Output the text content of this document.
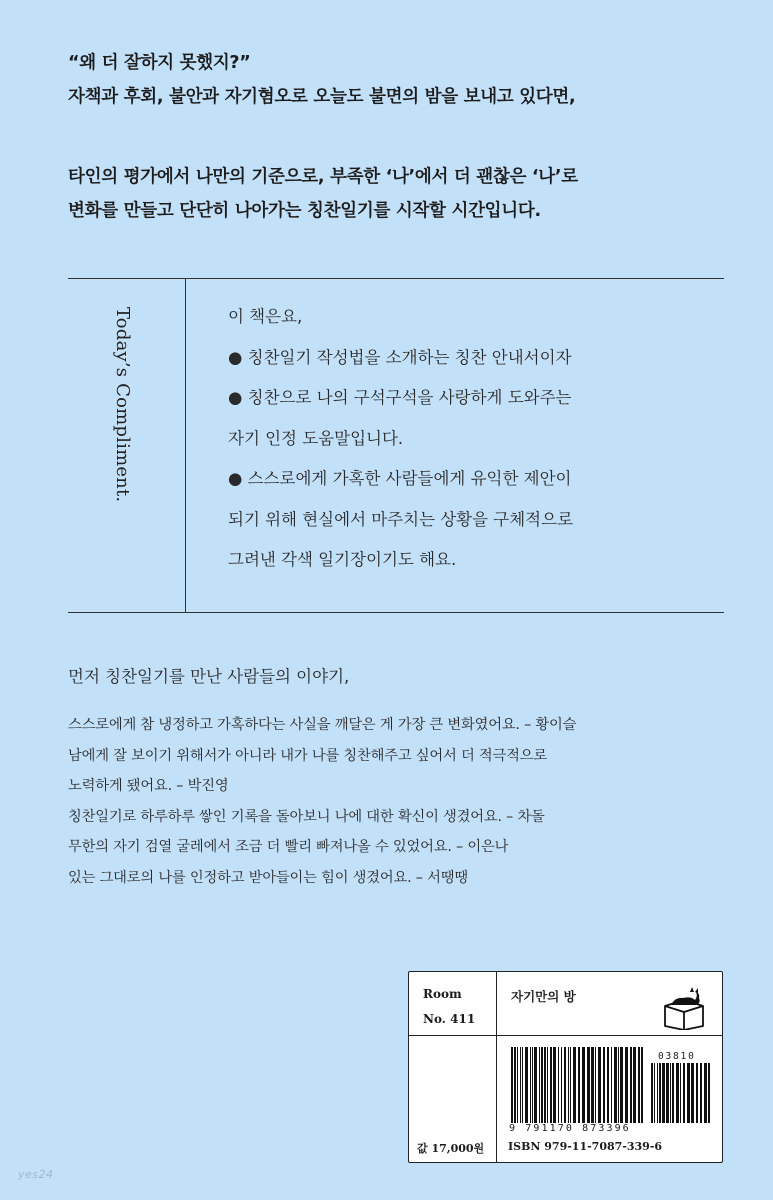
“왜 더 잘하지 못했지?”

자책과 후회, 불안과 자기혐오로 오늘도 불면의 밤을 보내고 있다면,

타인의 평가에서 나만의 기준으로, 부족한 ‘나’에서 더 괜찮은 ‘나’로

변화를 만들고 단단히 나아가는 칭찬일기를 시작할 시간입니다.

Today’s Compliment.	이 책은요,

● 칭찬일기 작성법을 소개하는 칭찬 안내서이자

● 칭찬으로 나의 구석구석을 사랑하게 도와주는

자기 인정 도움말입니다.

● 스스로에게 가혹한 사람들에게 유익한 제안이

되기 위해 현실에서 마주치는 상황을 구체적으로

그려낸 각색 일기장이기도 해요.

먼저 칭찬일기를 만난 사람들의 이야기,

스스로에게 참 냉정하고 가혹하다는 사실을 깨달은 게 가장 큰 변화였어요. – 황이슬

남에게 잘 보이기 위해서가 아니라 내가 나를 칭찬해주고 싶어서 더 적극적으로

노력하게 됐어요. – 박진영

칭찬일기로 하루하루 쌓인 기록을 돌아보니 나에 대한 확신이 생겼어요. – 차돌

무한의 자기 검열 굴레에서 조금 더 빨리 빠져나올 수 있었어요. – 이은나

있는 그대로의 나를 인정하고 받아들이는 힘이 생겼어요. – 서땡땡

Room
No. 411
자기만의 방
03810
9 791170 873396
값 17,000원 ISBN 979-11-7087-339-6
yes24
